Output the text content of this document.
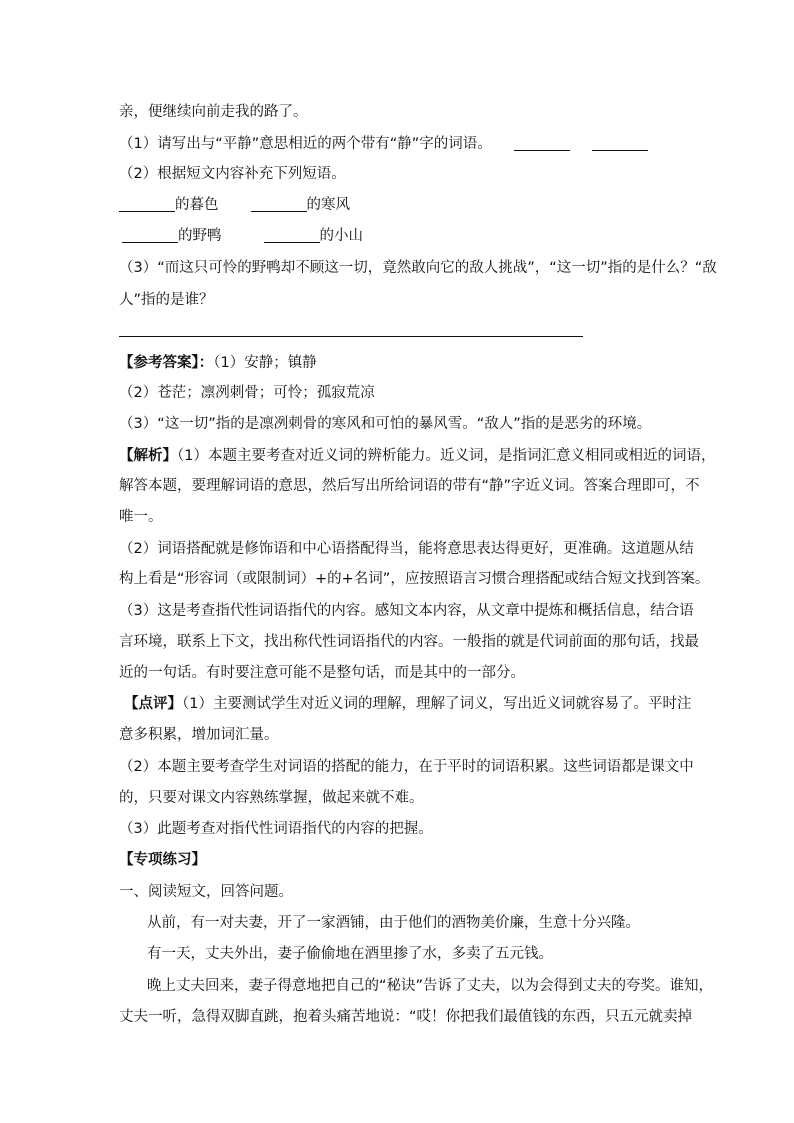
亲，便继续向前走我的路了。
（1）请写出与“平静”意思相近的两个带有“静”字的词语。
（2）根据短文内容补充下列短语。
的暮色	的寒风
的野鸭	的小山
（3）“而这只可怜的野鸭却不顾这一切，竟然敢向它的敌人挑战”，“这一切”指的是什么？“敌
人”指的是谁？
【参考答案】：（1）安静；镇静
（2）苍茫；凛冽刺骨；可怜；孤寂荒凉
（3）“这一切”指的是凛冽刺骨的寒风和可怕的暴风雪。“敌人”指的是恶劣的环境。
【解析】（1）本题主要考查对近义词的辨析能力。近义词，是指词汇意义相同或相近的词语，
解答本题，要理解词语的意思，然后写出所给词语的带有“静”字近义词。答案合理即可，不
唯一。
（2）词语搭配就是修饰语和中心语搭配得当，能将意思表达得更好，更准确。这道题从结
构上看是“形容词（或限制词）+的+名词”，应按照语言习惯合理搭配或结合短文找到答案。
（3）这是考查指代性词语指代的内容。感知文本内容，从文章中提炼和概括信息，结合语
言环境，联系上下文，找出称代性词语指代的内容。一般指的就是代词前面的那句话，找最
近的一句话。有时要注意可能不是整句话，而是其中的一部分。
【点评】（1）主要测试学生对近义词的理解，理解了词义，写出近义词就容易了。平时注
意多积累，增加词汇量。
（2）本题主要考查学生对词语的搭配的能力，在于平时的词语积累。这些词语都是课文中
的，只要对课文内容熟练掌握，做起来就不难。
（3）此题考查对指代性词语指代的内容的把握。
【专项练习】
一、阅读短文，回答问题。
从前，有一对夫妻，开了一家酒铺，由于他们的酒物美价廉，生意十分兴隆。
有一天，丈夫外出，妻子偷偷地在酒里掺了水，多卖了五元钱。
晚上丈夫回来，妻子得意地把自己的“秘诀”告诉了丈夫，以为会得到丈夫的夸奖。谁知，
丈夫一听，急得双脚直跳，抱着头痛苦地说：“哎！你把我们最值钱的东西，只五元就卖掉
